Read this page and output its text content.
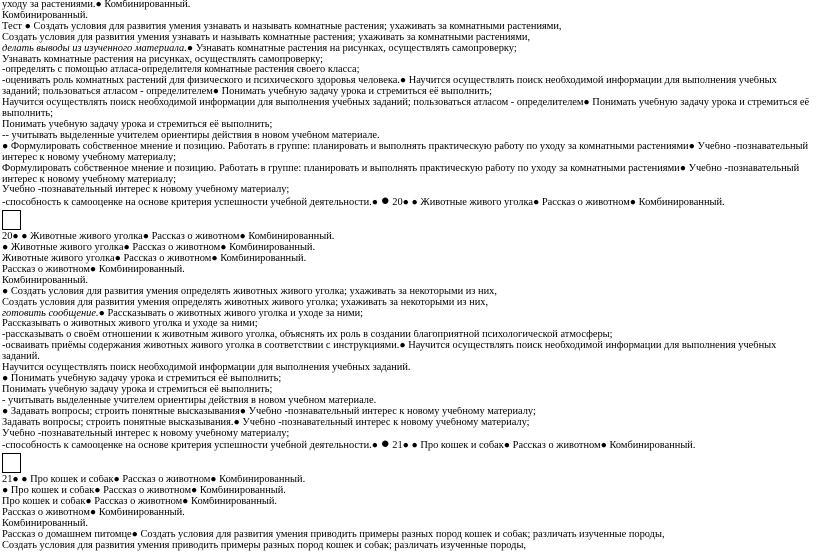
уходу за растениями.● Комбинированный.
Комбинированный.
Тест ● Создать условия для развития умения узнавать и называть комнатные растения; ухаживать за комнатными растениями,
Создать условия для развития умения узнавать и называть комнатные растения; ухаживать за комнатными растениями,
делать выводы из изученного материала.● Узнавать комнатные растения на рисунках, осуществлять самопроверку;
Узнавать комнатные растения на рисунках, осуществлять самопроверку;
-определять с помощью атласа-определителя комнатные растения своего класса;
-оценивать роль комнатных растений для физического и психического здоровья человека.● Научится осуществлять поиск необходимой информации для выполнения учебных заданий; пользоваться атласом - определителем● Понимать учебную задачу урока и стремиться её выполнить;
Научится осуществлять поиск необходимой информации для выполнения учебных заданий; пользоваться атласом - определителем● Понимать учебную задачу урока и стремиться её выполнить;
Понимать учебную задачу урока и стремиться её выполнить;
-- учитывать выделенные учителем ориентиры действия в новом учебном материале.
● Формулировать собственное мнение и позицию. Работать в группе: планировать и выполнять практическую работу по уходу за комнатными растениями● Учебно -познавательный интерес к новому учебному материалу;
Формулировать собственное мнение и позицию. Работать в группе: планировать и выполнять практическую работу по уходу за комнатными растениями● Учебно -познавательный интерес к новому учебному материалу;
Учебно -познавательный интерес к новому учебному материалу;
-способность к самооценке на основе критерия успешности учебной деятельности.● ● 20● ● Животные живого уголка● Рассказ о животном● Комбинированный.
20● ● Животные живого уголка● Рассказ о животном● Комбинированный.
● Животные живого уголка● Рассказ о животном● Комбинированный.
Животные живого уголка● Рассказ о животном● Комбинированный.
Рассказ о животном● Комбинированный.
Комбинированный.
● Создать условия для развития умения определять животных живого уголка; ухаживать за некоторыми из них,
Создать условия для развития умения определять животных живого уголка; ухаживать за некоторыми из них,
готовить сообщение.● Рассказывать о животных живого уголка и уходе за ними;
Рассказывать о животных живого уголка и уходе за ними;
-рассказывать о своём отношении к животным живого уголка, объяснять их роль в создании благоприятной психологической атмосферы;
-осваивать приёмы содержания животных живого уголка в соответствии с инструкциями.● Научится осуществлять поиск необходимой информации для выполнения учебных заданий.
Научится осуществлять поиск необходимой информации для выполнения учебных заданий.
● Понимать учебную задачу урока и стремиться её выполнить;
Понимать учебную задачу урока и стремиться её выполнить;
- учитывать выделенные учителем ориентиры действия в новом учебном материале.
● Задавать вопросы; строить понятные высказывания● Учебно -познавательный интерес к новому учебному материалу;
Задавать вопросы; строить понятные высказывания.● Учебно -познавательный интерес к новому учебному материалу;
Учебно -познавательный интерес к новому учебному материалу;
-способность к самооценке на основе критерия успешности учебной деятельности.● ● 21● ● Про кошек и собак● Рассказ о животном● Комбинированный.
21● ● Про кошек и собак● Рассказ о животном● Комбинированный.
● Про кошек и собак● Рассказ о животном● Комбинированный.
Про кошек и собак● Рассказ о животном● Комбинированный.
Рассказ о животном● Комбинированный.
Комбинированный.
Рассказ о домашнем питомце● Создать условия для развития умения приводить примеры разных пород кошек и собак; различать изученные породы,
Создать условия для развития умения приводить примеры разных пород кошек и собак; различать изученные породы,
